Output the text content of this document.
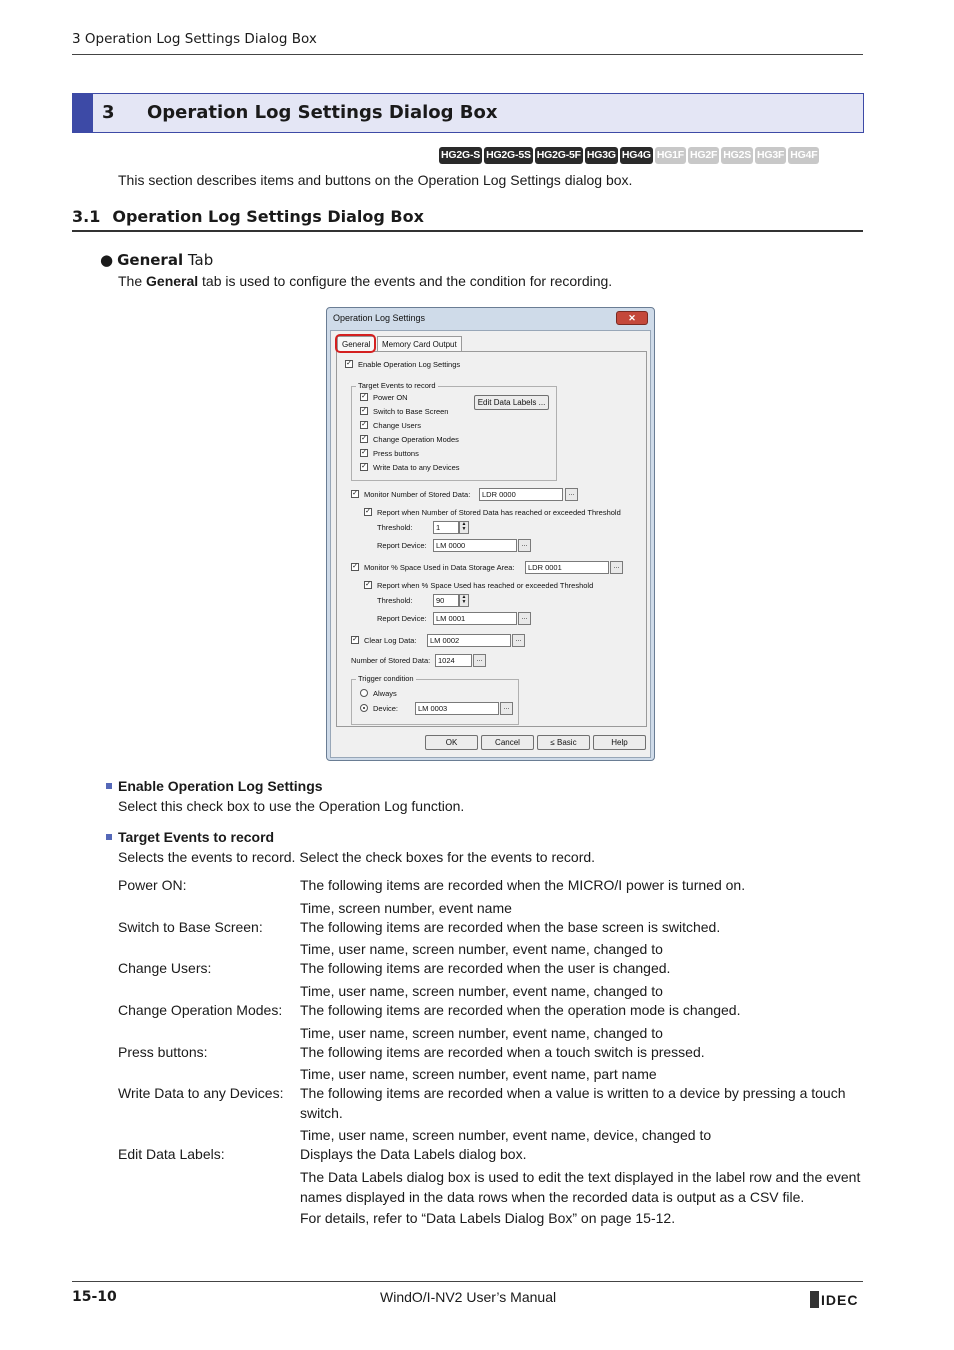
3 Operation Log Settings Dialog Box
3 Operation Log Settings Dialog Box
HG2G-S HG2G-5S HG2G-5F HG3G HG4G HG1F HG2F HG2S HG3F HG4F
This section describes items and buttons on the Operation Log Settings dialog box.
3.1 Operation Log Settings Dialog Box
● General Tab
The General tab is used to configure the events and the condition for recording.
Operation Log Settings	✕
General	Memory Card Output
✓ Enable Operation Log Settings
Target Events to record
Edit Data Labels ...
✓ Power ON
✓ Switch to Base Screen
✓ Change Users
✓ Change Operation Modes
✓ Press buttons
✓ Write Data to any Devices
✓ Monitor Number of Stored Data:	LDR 0000	...
✓ Report when Number of Stored Data has reached or exceeded Threshold
Threshold:	1	▲
▼
Report Device:	LM 0000	...
✓ Monitor % Space Used in Data Storage Area:	LDR 0001	...
✓ Report when % Space Used has reached or exceeded Threshold
Threshold:	90	▲
▼
Report Device:	LM 0001	...
✓ Clear Log Data:	LM 0002	...
Number of Stored Data:	1024	...
Trigger condition
Always
Device:	LM 0003	...
OK	Cancel	≤ Basic	Help
Enable Operation Log Settings
Select this check box to use the Operation Log function.
Target Events to record
Selects the events to record. Select the check boxes for the events to record.
Power ON:	The following items are recorded when the MICRO/I power is turned on.
Time, screen number, event name
Switch to Base Screen:	The following items are recorded when the base screen is switched.
Time, user name, screen number, event name, changed to
Change Users:	The following items are recorded when the user is changed.
Time, user name, screen number, event name, changed to
Change Operation Modes: The following items are recorded when the operation mode is changed.
Time, user name, screen number, event name, changed to
Press buttons:	The following items are recorded when a touch switch is pressed.
Time, user name, screen number, event name, part name
Write Data to any Devices: The following items are recorded when a value is written to a device by pressing a touch switch.
Time, user name, screen number, event name, device, changed to
Edit Data Labels:	Displays the Data Labels dialog box.
The Data Labels dialog box is used to edit the text displayed in the label row and the event names displayed in the data rows when the recorded data is output as a CSV file.
For details, refer to “Data Labels Dialog Box” on page 15-12.
15-10	WindO/I-NV2 User’s Manual	IDEC
